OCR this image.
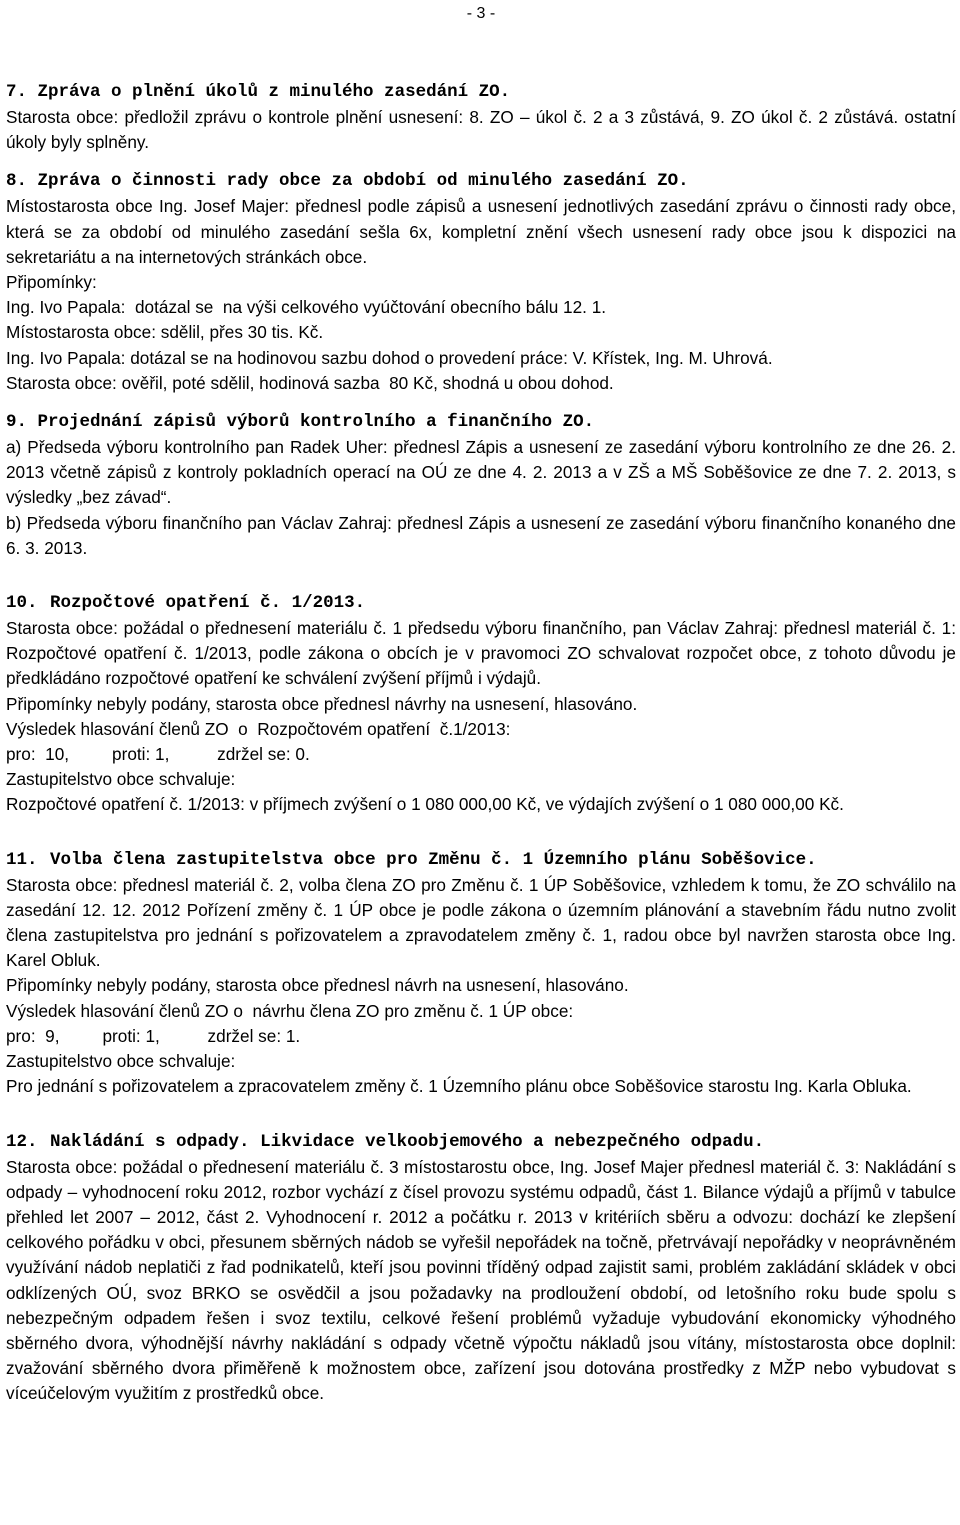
- 3 -
7. Zpráva o plnění úkolů z minulého zasedání ZO.

Starosta obce: předložil zprávu o kontrole plnění usnesení: 8. ZO – úkol č. 2 a 3 zůstává, 9. ZO úkol č. 2 zůstává. ostatní úkoly byly splněny.

8. Zpráva o činnosti rady obce za období od minulého zasedání ZO.

Místostarosta obce Ing. Josef Majer: přednesl podle zápisů a usnesení jednotlivých zasedání zprávu o činnosti rady obce, která se za období od minulého zasedání sešla 6x, kompletní znění všech usnesení rady obce jsou k dispozici na sekretariátu a na internetových stránkách obce.

Připomínky:
Ing. Ivo Papala:  dotázal se  na výši celkového vyúčtování obecního bálu 12. 1.
Místostarosta obce: sdělil, přes 30 tis. Kč.
Ing. Ivo Papala: dotázal se na hodinovou sazbu dohod o provedení práce: V. Křístek, Ing. M. Uhrová.
Starosta obce: ověřil, poté sdělil, hodinová sazba  80 Kč, shodná u obou dohod.
9. Projednání zápisů výborů kontrolního a finančního ZO.

a) Předseda výboru kontrolního pan Radek Uher: přednesl Zápis a usnesení ze zasedání výboru kontrolního ze dne 26. 2. 2013 včetně zápisů z kontroly pokladních operací na OÚ ze dne 4. 2. 2013 a v ZŠ a MŠ Soběšovice ze dne 7. 2. 2013, s výsledky „bez závad“.

b) Předseda výboru finančního pan Václav Zahraj: přednesl Zápis a usnesení ze zasedání výboru finančního konaného dne 6. 3. 2013.

10. Rozpočtové opatření č. 1/2013.

Starosta obce: požádal o přednesení materiálu č. 1 předsedu výboru finančního, pan Václav Zahraj: přednesl materiál č. 1: Rozpočtové opatření č. 1/2013, podle zákona o obcích je v pravomoci ZO schvalovat rozpočet obce, z tohoto důvodu je předkládáno rozpočtové opatření ke schválení zvýšení příjmů i výdajů.

Připomínky nebyly podány, starosta obce přednesl návrhy na usnesení, hlasováno.
Výsledek hlasování členů ZO  o  Rozpočtovém opatření  č.1/2013:
pro:  10,         proti: 1,          zdržel se: 0.
Zastupitelstvo obce schvaluje:

Rozpočtové opatření č. 1/2013: v příjmech zvýšení o 1 080 000,00 Kč, ve výdajích zvýšení o 1 080 000,00 Kč.

11. Volba člena zastupitelstva obce pro Změnu č. 1 Územního plánu Soběšovice.

Starosta obce: přednesl materiál č. 2, volba člena ZO pro Změnu č. 1 ÚP Soběšovice, vzhledem k tomu, že ZO schválilo na zasedání 12. 12. 2012 Pořízení změny č. 1 ÚP obce je podle zákona o územním plánování a stavebním řádu nutno zvolit člena zastupitelstva pro jednání s pořizovatelem a zpravodatelem změny č. 1, radou obce byl navržen starosta obce Ing. Karel Obluk.

Připomínky nebyly podány, starosta obce přednesl návrh na usnesení, hlasováno.
Výsledek hlasování členů ZO o  návrhu člena ZO pro změnu č. 1 ÚP obce:
pro:  9,         proti: 1,          zdržel se: 1.
Zastupitelstvo obce schvaluje:

Pro jednání s pořizovatelem a zpracovatelem změny č. 1 Územního plánu obce Soběšovice starostu Ing. Karla Obluka.

12. Nakládání s odpady. Likvidace velkoobjemového a nebezpečného odpadu.

Starosta obce: požádal o přednesení materiálu č. 3 místostarostu obce, Ing. Josef Majer přednesl materiál č. 3: Nakládání s odpady – vyhodnocení roku 2012, rozbor vychází z čísel provozu systému odpadů, část 1. Bilance výdajů a příjmů v tabulce přehled let 2007 – 2012, část 2. Vyhodnocení r. 2012 a počátku r. 2013 v kritériích sběru a odvozu: dochází ke zlepšení celkového pořádku v obci, přesunem sběrných nádob se vyřešil nepořádek na točně, přetrvávají nepořádky v neoprávněném využívání nádob neplatiči z řad podnikatelů, kteří jsou povinni tříděný odpad zajistit sami, problém zakládání skládek v obci odklízených OÚ, svoz BRKO se osvědčil a jsou požadavky na prodloužení období, od letošního roku bude spolu s nebezpečným odpadem řešen i svoz textilu, celkové řešení problémů vyžaduje vybudování ekonomicky výhodného sběrného dvora, výhodnější návrhy nakládání s odpady včetně výpočtu nákladů jsou vítány, místostarosta obce doplnil: zvažování sběrného dvora přiměřeně k možnostem obce, zařízení jsou dotována prostředky z MŽP nebo vybudovat s víceúčelovým využitím z prostředků obce.
